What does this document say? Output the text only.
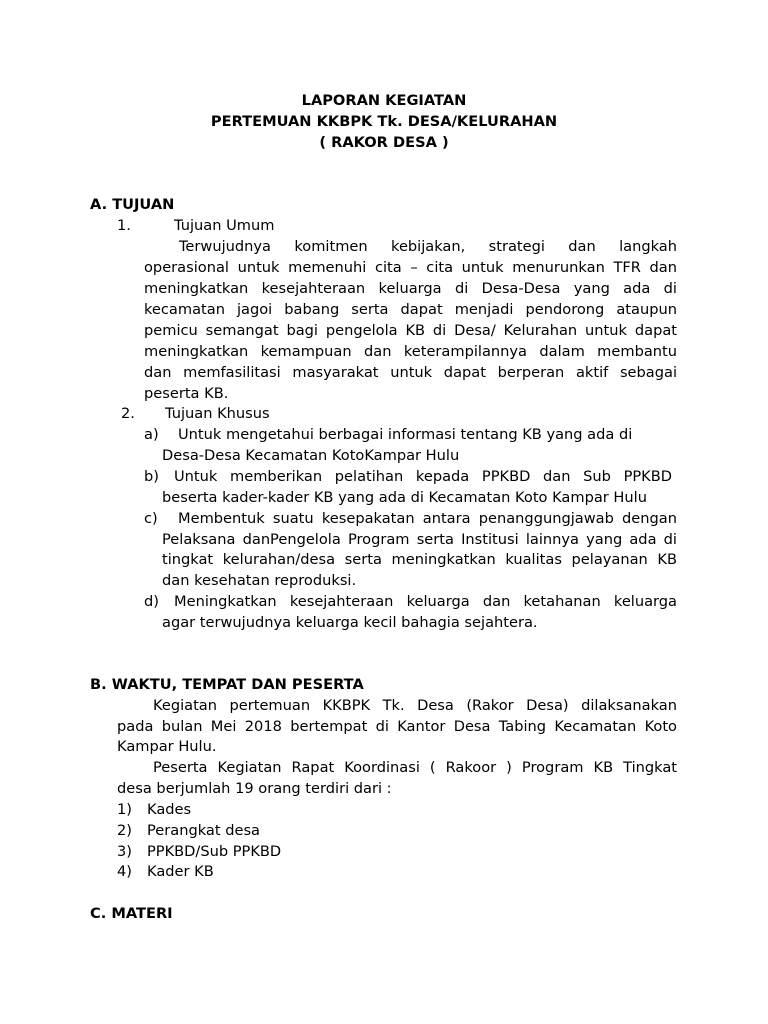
LAPORAN KEGIATAN
PERTEMUAN KKBPK Tk. DESA/KELURAHAN
( RAKOR DESA )
A. TUJUAN
1.	Tujuan Umum
Terwujudnya komitmen kebijakan, strategi dan langkah
operasional untuk memenuhi cita – cita untuk menurunkan TFR dan
meningkatkan kesejahteraan keluarga di Desa-Desa yang ada di
kecamatan jagoi babang serta dapat menjadi pendorong ataupun
pemicu semangat bagi pengelola KB di Desa/ Kelurahan untuk dapat
meningkatkan kemampuan dan keterampilannya dalam membantu
dan memfasilitasi masyarakat untuk dapat berperan aktif sebagai
peserta KB.
2. Tujuan Khusus
a) Untuk mengetahui berbagai informasi tentang KB yang ada di
Desa-Desa Kecamatan KotoKampar Hulu
b) Untuk memberikan pelatihan kepada PPKBD dan Sub PPKBD
beserta kader-kader KB yang ada di Kecamatan Koto Kampar Hulu
c) Membentuk suatu kesepakatan antara penanggungjawab dengan
Pelaksana danPengelola Program serta Institusi lainnya yang ada di
tingkat kelurahan/desa serta meningkatkan kualitas pelayanan KB
dan kesehatan reproduksi.
d) Meningkatkan kesejahteraan keluarga dan ketahanan keluarga
agar terwujudnya keluarga kecil bahagia sejahtera.
B. WAKTU, TEMPAT DAN PESERTA
Kegiatan pertemuan KKBPK Tk. Desa (Rakor Desa) dilaksanakan
pada bulan Mei 2018 bertempat di Kantor Desa Tabing Kecamatan Koto
Kampar Hulu.
Peserta Kegiatan Rapat Koordinasi ( Rakoor ) Program KB Tingkat
desa berjumlah 19 orang terdiri dari :
1) Kades
2) Perangkat desa
3) PPKBD/Sub PPKBD
4) Kader KB
C. MATERI
